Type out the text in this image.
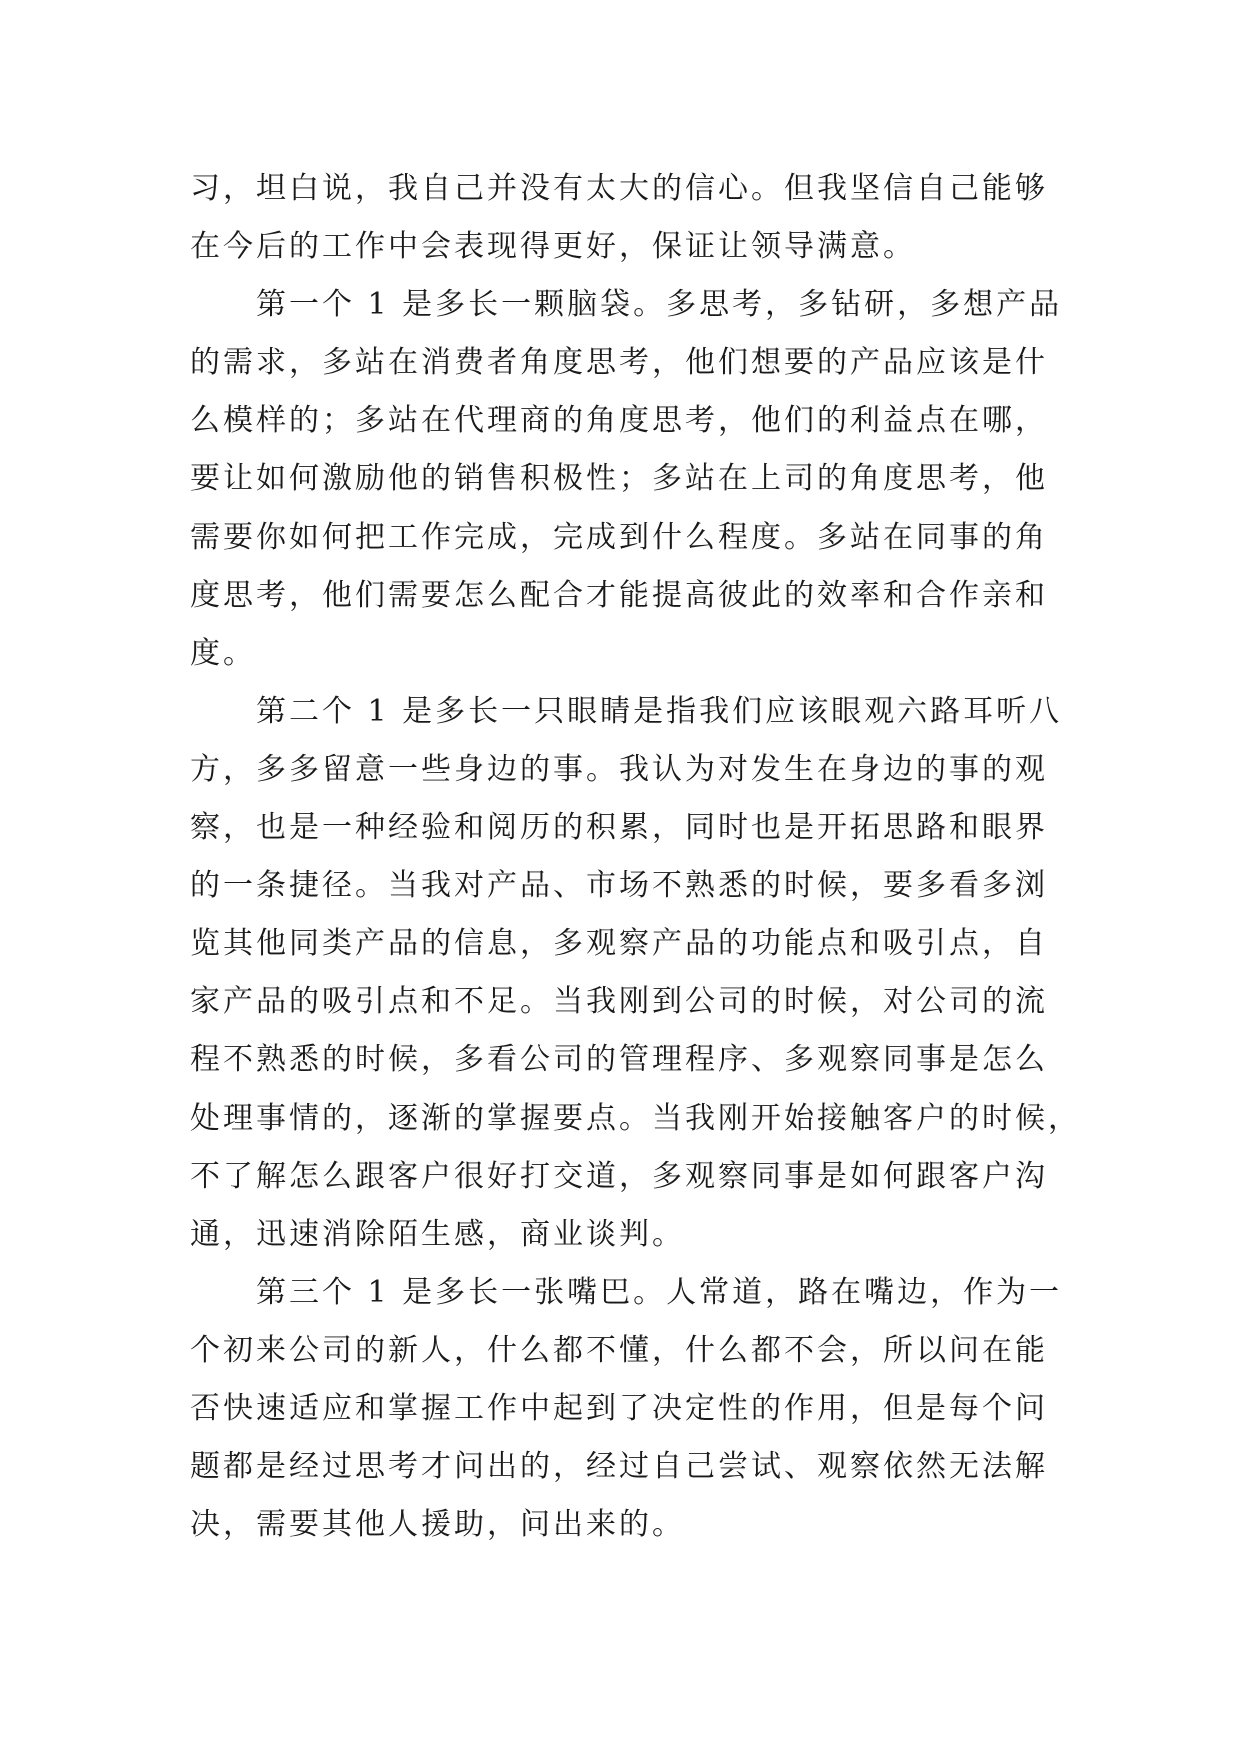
习，坦白说，我自己并没有太大的信心。但我坚信自己能够
在今后的工作中会表现得更好，保证让领导满意。
第一个 1 是多长一颗脑袋。多思考，多钻研，多想产品
的需求，多站在消费者角度思考，他们想要的产品应该是什
么模样的；多站在代理商的角度思考，他们的利益点在哪，
要让如何激励他的销售积极性；多站在上司的角度思考，他
需要你如何把工作完成，完成到什么程度。多站在同事的角
度思考，他们需要怎么配合才能提高彼此的效率和合作亲和
度。
第二个 1 是多长一只眼睛是指我们应该眼观六路耳听八
方，多多留意一些身边的事。我认为对发生在身边的事的观
察，也是一种经验和阅历的积累，同时也是开拓思路和眼界
的一条捷径。当我对产品、市场不熟悉的时候，要多看多浏
览其他同类产品的信息，多观察产品的功能点和吸引点，自
家产品的吸引点和不足。当我刚到公司的时候，对公司的流
程不熟悉的时候，多看公司的管理程序、多观察同事是怎么
处理事情的，逐渐的掌握要点。当我刚开始接触客户的时候，
不了解怎么跟客户很好打交道，多观察同事是如何跟客户沟
通，迅速消除陌生感，商业谈判。
第三个 1 是多长一张嘴巴。人常道，路在嘴边，作为一
个初来公司的新人，什么都不懂，什么都不会，所以问在能
否快速适应和掌握工作中起到了决定性的作用，但是每个问
题都是经过思考才问出的，经过自己尝试、观察依然无法解
决，需要其他人援助，问出来的。
